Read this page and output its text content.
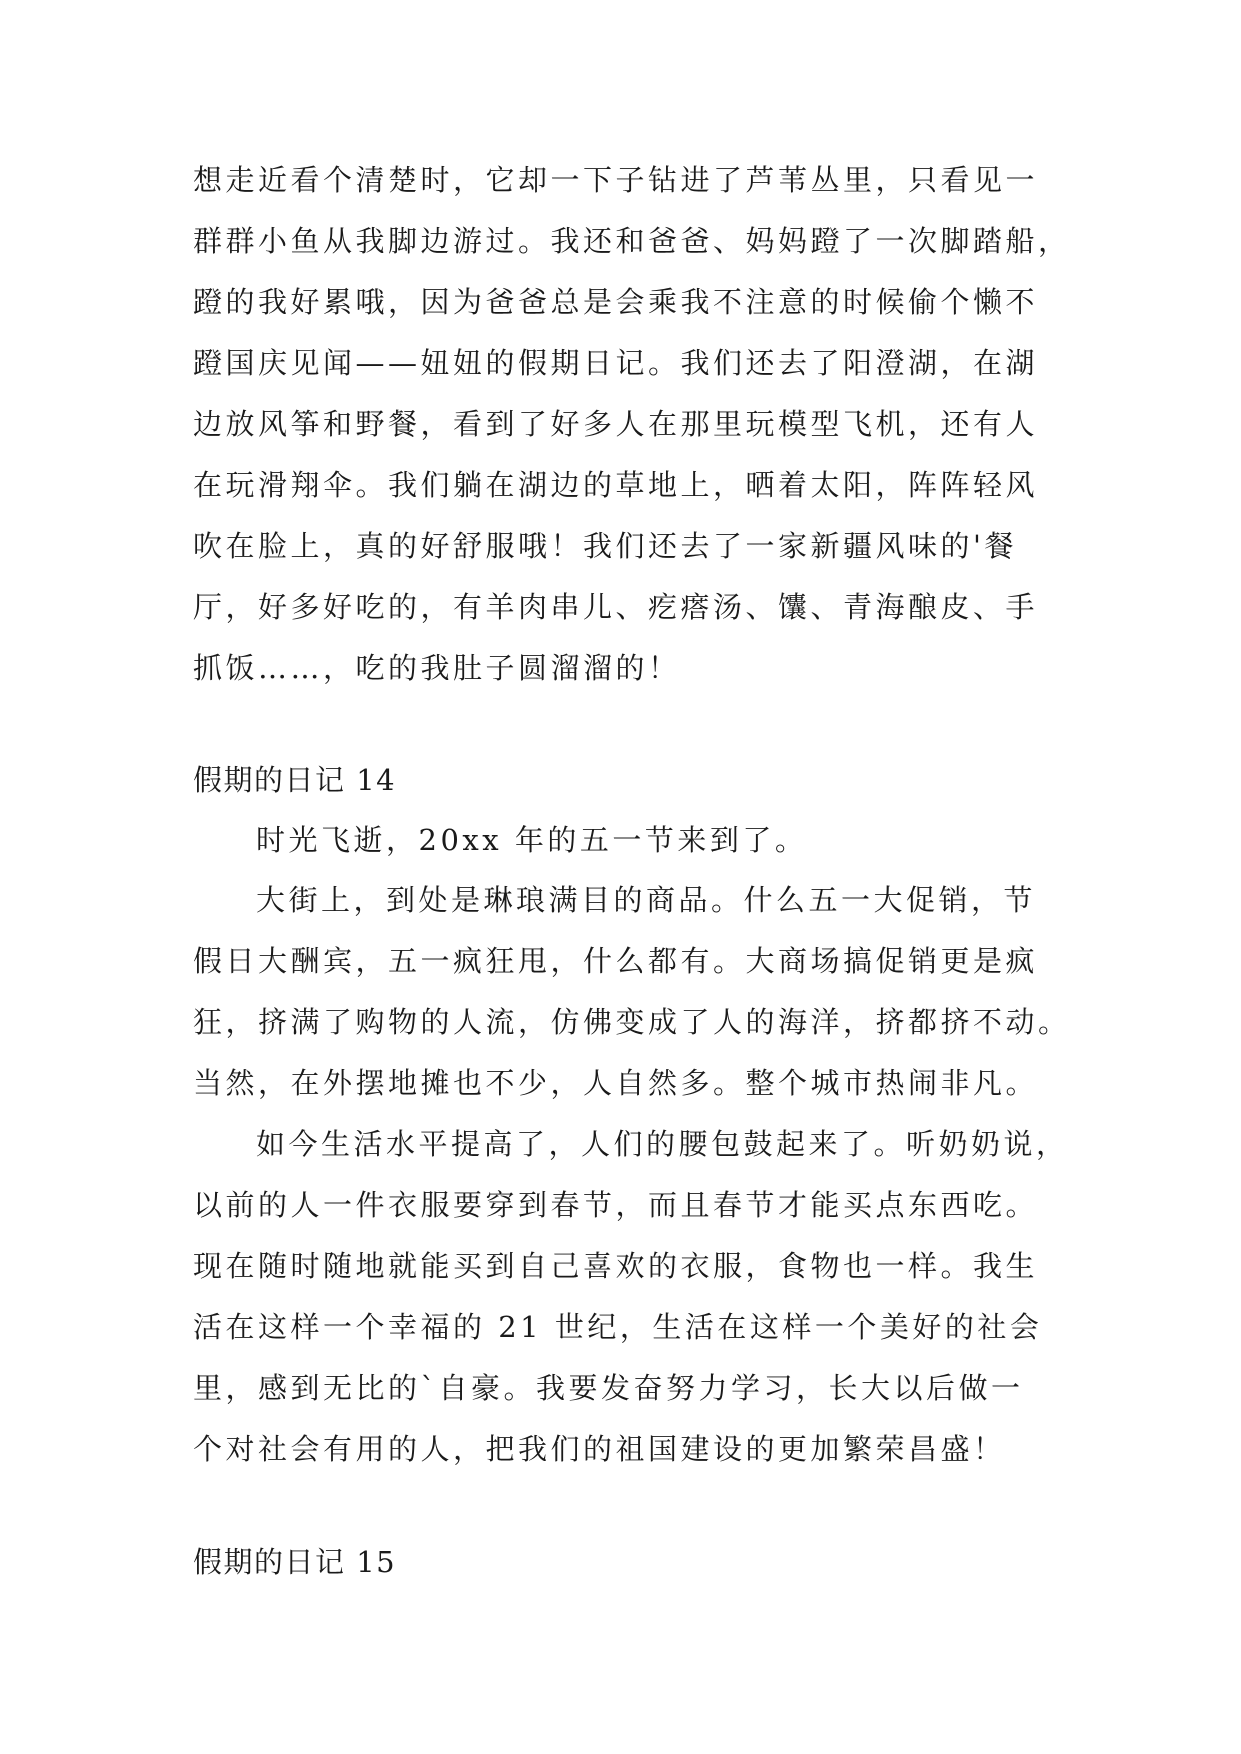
想走近看个清楚时，它却一下子钻进了芦苇丛里，只看见一
群群小鱼从我脚边游过。我还和爸爸、妈妈蹬了一次脚踏船，
蹬的我好累哦，因为爸爸总是会乘我不注意的时候偷个懒不
蹬国庆见闻——妞妞的假期日记。我们还去了阳澄湖，在湖
边放风筝和野餐，看到了好多人在那里玩模型飞机，还有人
在玩滑翔伞。我们躺在湖边的草地上，晒着太阳，阵阵轻风
吹在脸上，真的好舒服哦！我们还去了一家新疆风味的'餐
厅，好多好吃的，有羊肉串儿、疙瘩汤、馕、青海酿皮、手
抓饭……，吃的我肚子圆溜溜的！
假期的日记 14
时光飞逝，20xx 年的五一节来到了。
大街上，到处是琳琅满目的商品。什么五一大促销，节
假日大酬宾，五一疯狂甩，什么都有。大商场搞促销更是疯
狂，挤满了购物的人流，仿佛变成了人的海洋，挤都挤不动。
当然，在外摆地摊也不少，人自然多。整个城市热闹非凡。
如今生活水平提高了，人们的腰包鼓起来了。听奶奶说，
以前的人一件衣服要穿到春节，而且春节才能买点东西吃。
现在随时随地就能买到自己喜欢的衣服，食物也一样。我生
活在这样一个幸福的 21 世纪，生活在这样一个美好的社会
里，感到无比的`自豪。我要发奋努力学习，长大以后做一
个对社会有用的人，把我们的祖国建设的更加繁荣昌盛！
假期的日记 15
